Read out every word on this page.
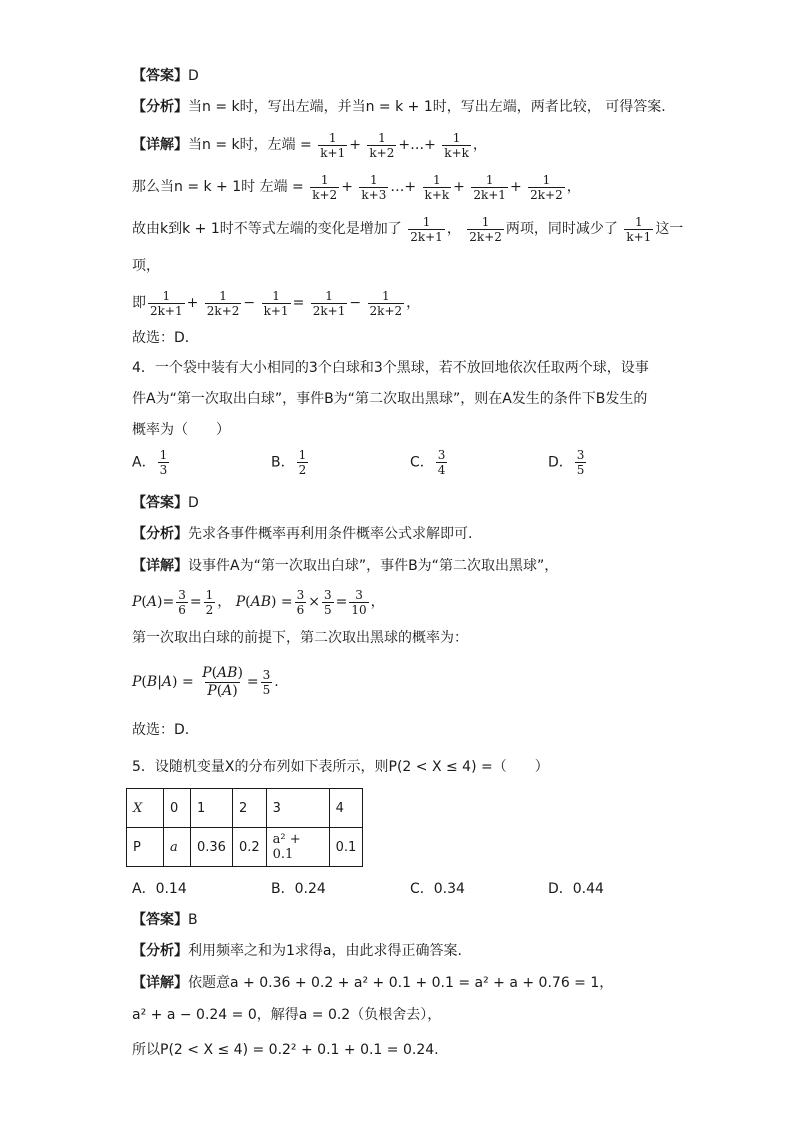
【答案】D
【分析】当n = k时，写出左端，并当n = k + 1时，写出左端，两者比较， 可得答案.
【详解】当n = k时，左端 = $\frac{1}{k+1} + \frac{1}{k+2}$ +…+ $\frac{1}{k+k}$ ，
那么当n = k + 1时 左端 = $\frac{1}{k+2} + \frac{1}{k+3}$ …+ $\frac{1}{k+k} + \frac{1}{2k+1} + \frac{1}{2k+2}$ ，
故由k到k + 1时不等式左端的变化是增加了 $\frac{1}{2k+1}$ ， $\frac{1}{2k+2}$ 两项，同时减少了 $\frac{1}{k+1}$ 这一
项，
即 $\frac{1}{2k+1} + \frac{1}{2k+2} - \frac{1}{k+1} = \frac{1}{2k+1} - \frac{1}{2k+2}$ ，
故选：D．
4．一个袋中装有大小相同的3个白球和3个黑球，若不放回地依次任取两个球，设事
件A为“第一次取出白球”，事件B为“第二次取出黑球”，则在A发生的条件下B发生的
概率为（　　）
A． $\frac{1}{3}$	B． $\frac{1}{2}$	C． $\frac{3}{4}$	D． $\frac{3}{5}$
【答案】D
【分析】先求各事件概率再利用条件概率公式求解即可.
【详解】设事件A为“第一次取出白球”，事件B为“第二次取出黑球”，
$P(A)= \frac{3}{6} = \frac{1}{2}$ ， $P(AB) = \frac{3}{6} \times \frac{3}{5} = \frac{3}{10}$ ，
第一次取出白球的前提下，第二次取出黑球的概率为：
$P(B|A) = \frac{P(AB)}{P(A)} = \frac{3}{5}$ .
故选：D.
5．设随机变量X的分布列如下表所示，则P(2 < X ≤ 4) =（　　）
X	0	1	2	3	4
P	a	0.36	0.2	a² + 0.1	0.1
A．0.14	B．0.24	C．0.34	D．0.44
【答案】B
【分析】利用频率之和为1求得a，由此求得正确答案.
【详解】依题意a + 0.36 + 0.2 + a² + 0.1 + 0.1 = a² + a + 0.76 = 1，
a² + a − 0.24 = 0，解得a = 0.2（负根舍去），
所以P(2 < X ≤ 4) = 0.2² + 0.1 + 0.1 = 0.24.
